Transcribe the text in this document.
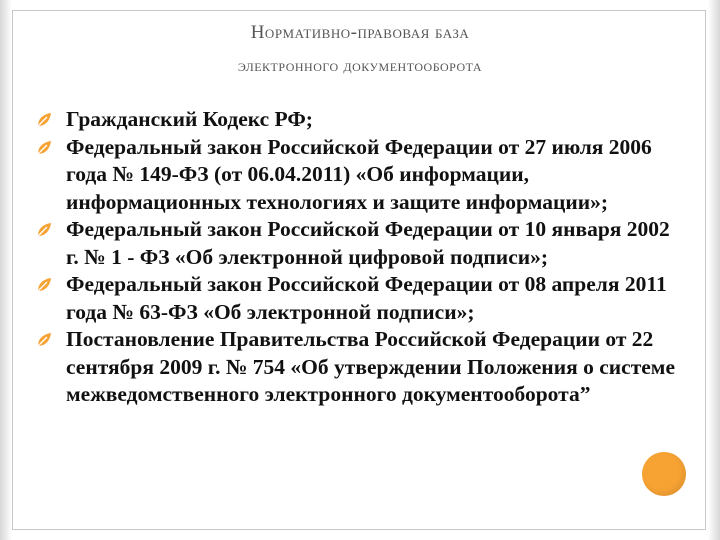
Нормативно-правовая база
электронного документооборота
Гражданский Кодекс РФ;
Федеральный закон Российской Федерации от 27 июля 2006 года № 149-ФЗ (от 06.04.2011) «Об информации, информационных технологиях и защите информации»;
Федеральный закон Российской Федерации от 10 января 2002 г. № 1 - ФЗ «Об электронной цифровой подписи»;
Федеральный закон Российской Федерации от 08 апреля 2011 года № 63-ФЗ «Об электронной подписи»;
Постановление Правительства Российской Федерации от 22 сентября 2009 г. № 754 «Об утверждении Положения о системе межведомственного электронного документооборота”
